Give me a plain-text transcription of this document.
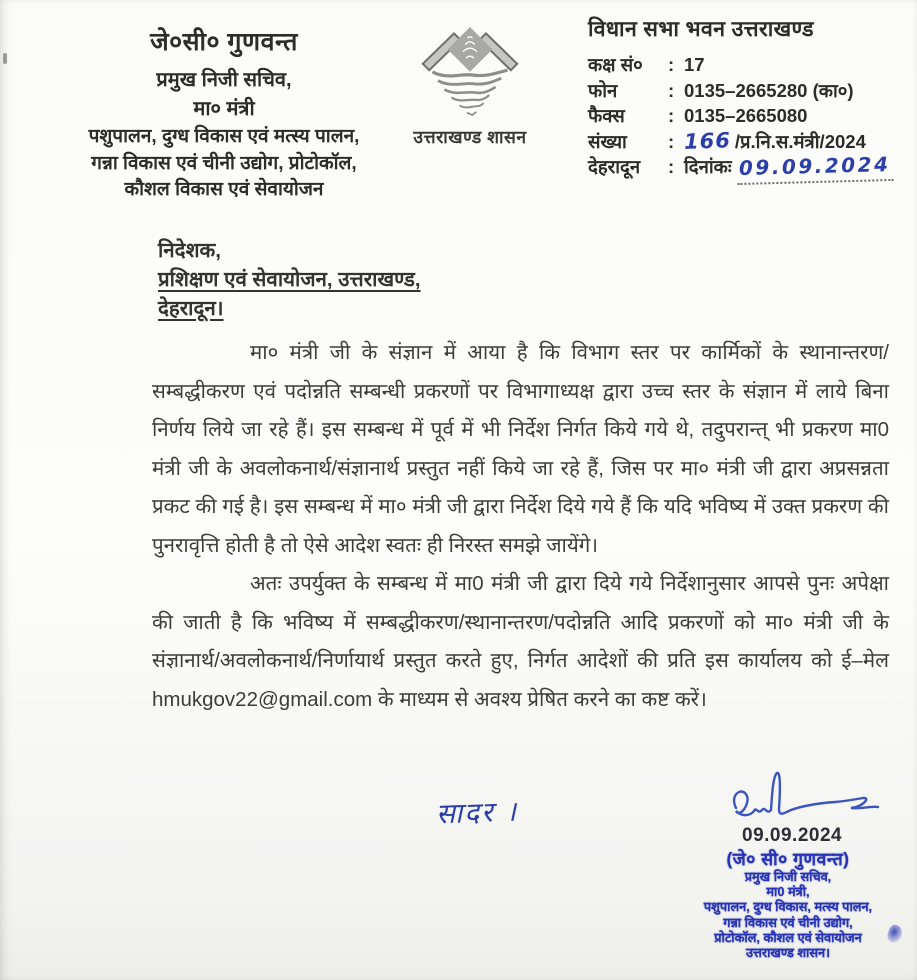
जे०सी० गुणवन्त
प्रमुख निजी सचिव,
मा० मंत्री
पशुपालन, दुग्ध विकास एवं मत्स्य पालन,
गन्ना विकास एवं चीनी उद्योग, प्रोटोकॉल,
कौशल विकास एवं सेवायोजन
उत्तराखण्ड शासन
विधान सभा भवन उत्तराखण्ड
कक्ष सं०	: 17
फोन	: 0135–2665280 (का०)
फैक्स	: 0135–2665080
संख्या	: 166 /प्र.नि.स.मंत्री/2024
देहरादून	: दिनांकः 09.09.2024
निदेशक,
प्रशिक्षण एवं सेवायोजन, उत्तराखण्ड,
देहरादून।

मा० मंत्री जी के संज्ञान में आया है कि विभाग स्तर पर कार्मिकों के स्थानान्तरण/सम्बद्धीकरण एवं पदोन्नति सम्बन्धी प्रकरणों पर विभागाध्यक्ष द्वारा उच्च स्तर के संज्ञान में लाये बिना निर्णय लिये जा रहे हैं। इस सम्बन्ध में पूर्व में भी निर्देश निर्गत किये गये थे, तदुपरान्त् भी प्रकरण मा0 मंत्री जी के अवलोकनार्थ/संज्ञानार्थ प्रस्तुत नहीं किये जा रहे हैं, जिस पर मा० मंत्री जी द्वारा अप्रसन्नता प्रकट की गई है। इस सम्बन्ध में मा० मंत्री जी द्वारा निर्देश दिये गये हैं कि यदि भविष्य में उक्त प्रकरण की पुनरावृत्ति होती है तो ऐसे आदेश स्वतः ही निरस्त समझे जायेंगे।

अतः उपर्युक्त के सम्बन्ध में मा0 मंत्री जी द्वारा दिये गये निर्देशानुसार आपसे पुनः अपेक्षा की जाती है कि भविष्य में सम्बद्धीकरण/स्थानान्तरण/पदोन्नति आदि प्रकरणों को मा० मंत्री जी के संज्ञानार्थ/अवलोकनार्थ/निर्णायार्थ प्रस्तुत करते हुए, निर्गत आदेशों की प्रति इस कार्यालय को ई–मेल hmukgov22@gmail.com के माध्यम से अवश्य प्रेषित करने का कष्ट करें।

सादर ।
09.09.2024
(जे० सी० गुणवन्त)
प्रमुख निजी सचिव,
मा0 मंत्री,
पशुपालन, दुग्ध विकास, मत्स्य पालन,
गन्ना विकास एवं चीनी उद्योग,
प्रोटोकॉल, कौशल एवं सेवायोजन
उत्तराखण्ड शासन।
